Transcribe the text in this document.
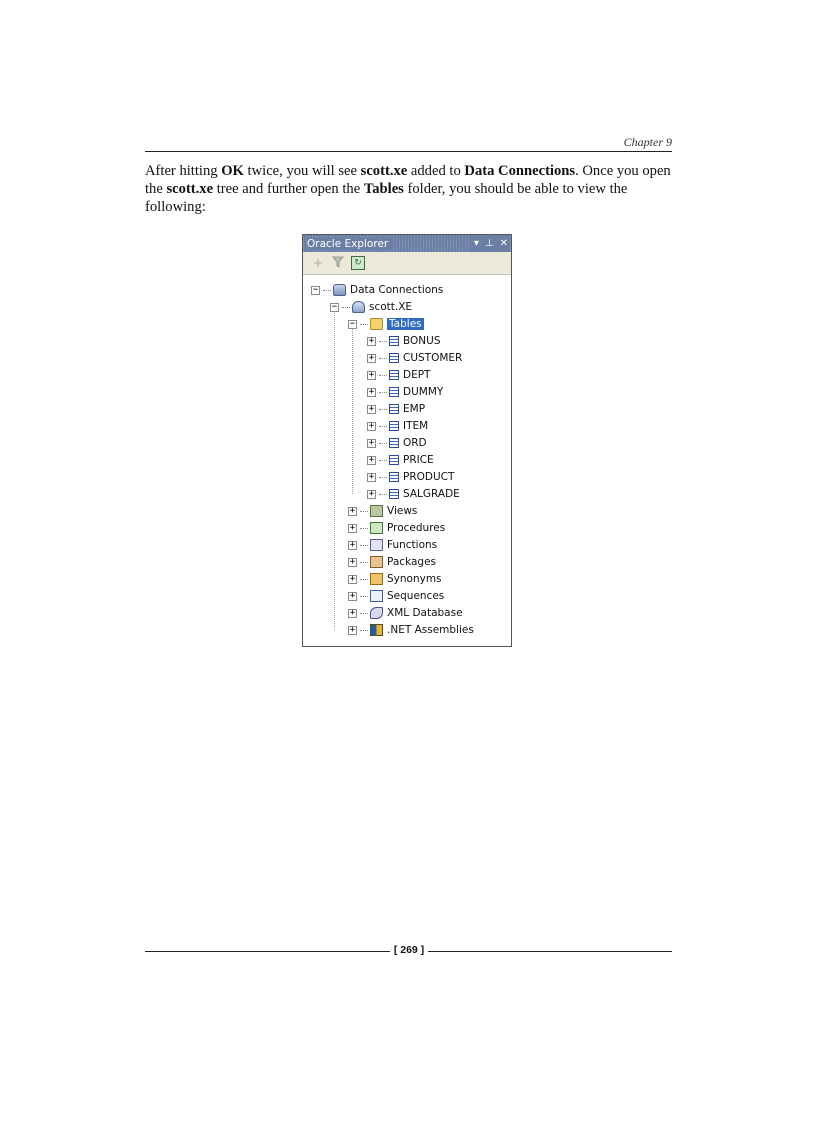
Chapter 9
After hitting OK twice, you will see scott.xe added to Data Connections. Once you open the scott.xe tree and further open the Tables folder, you should be able to view the following:
Oracle Explorer	▾ ⊥ ✕
+	↻
−	Data Connections
−	scott.XE
−	Tables
+	BONUS
+	CUSTOMER
+	DEPT
+	DUMMY
+	EMP
+	ITEM
+	ORD
+	PRICE
+	PRODUCT
+	SALGRADE
+	Views
+	Procedures
+	Functions
+	Packages
+	Synonyms
+	Sequences
+	XML Database
+	.NET Assemblies
[ 269 ]
